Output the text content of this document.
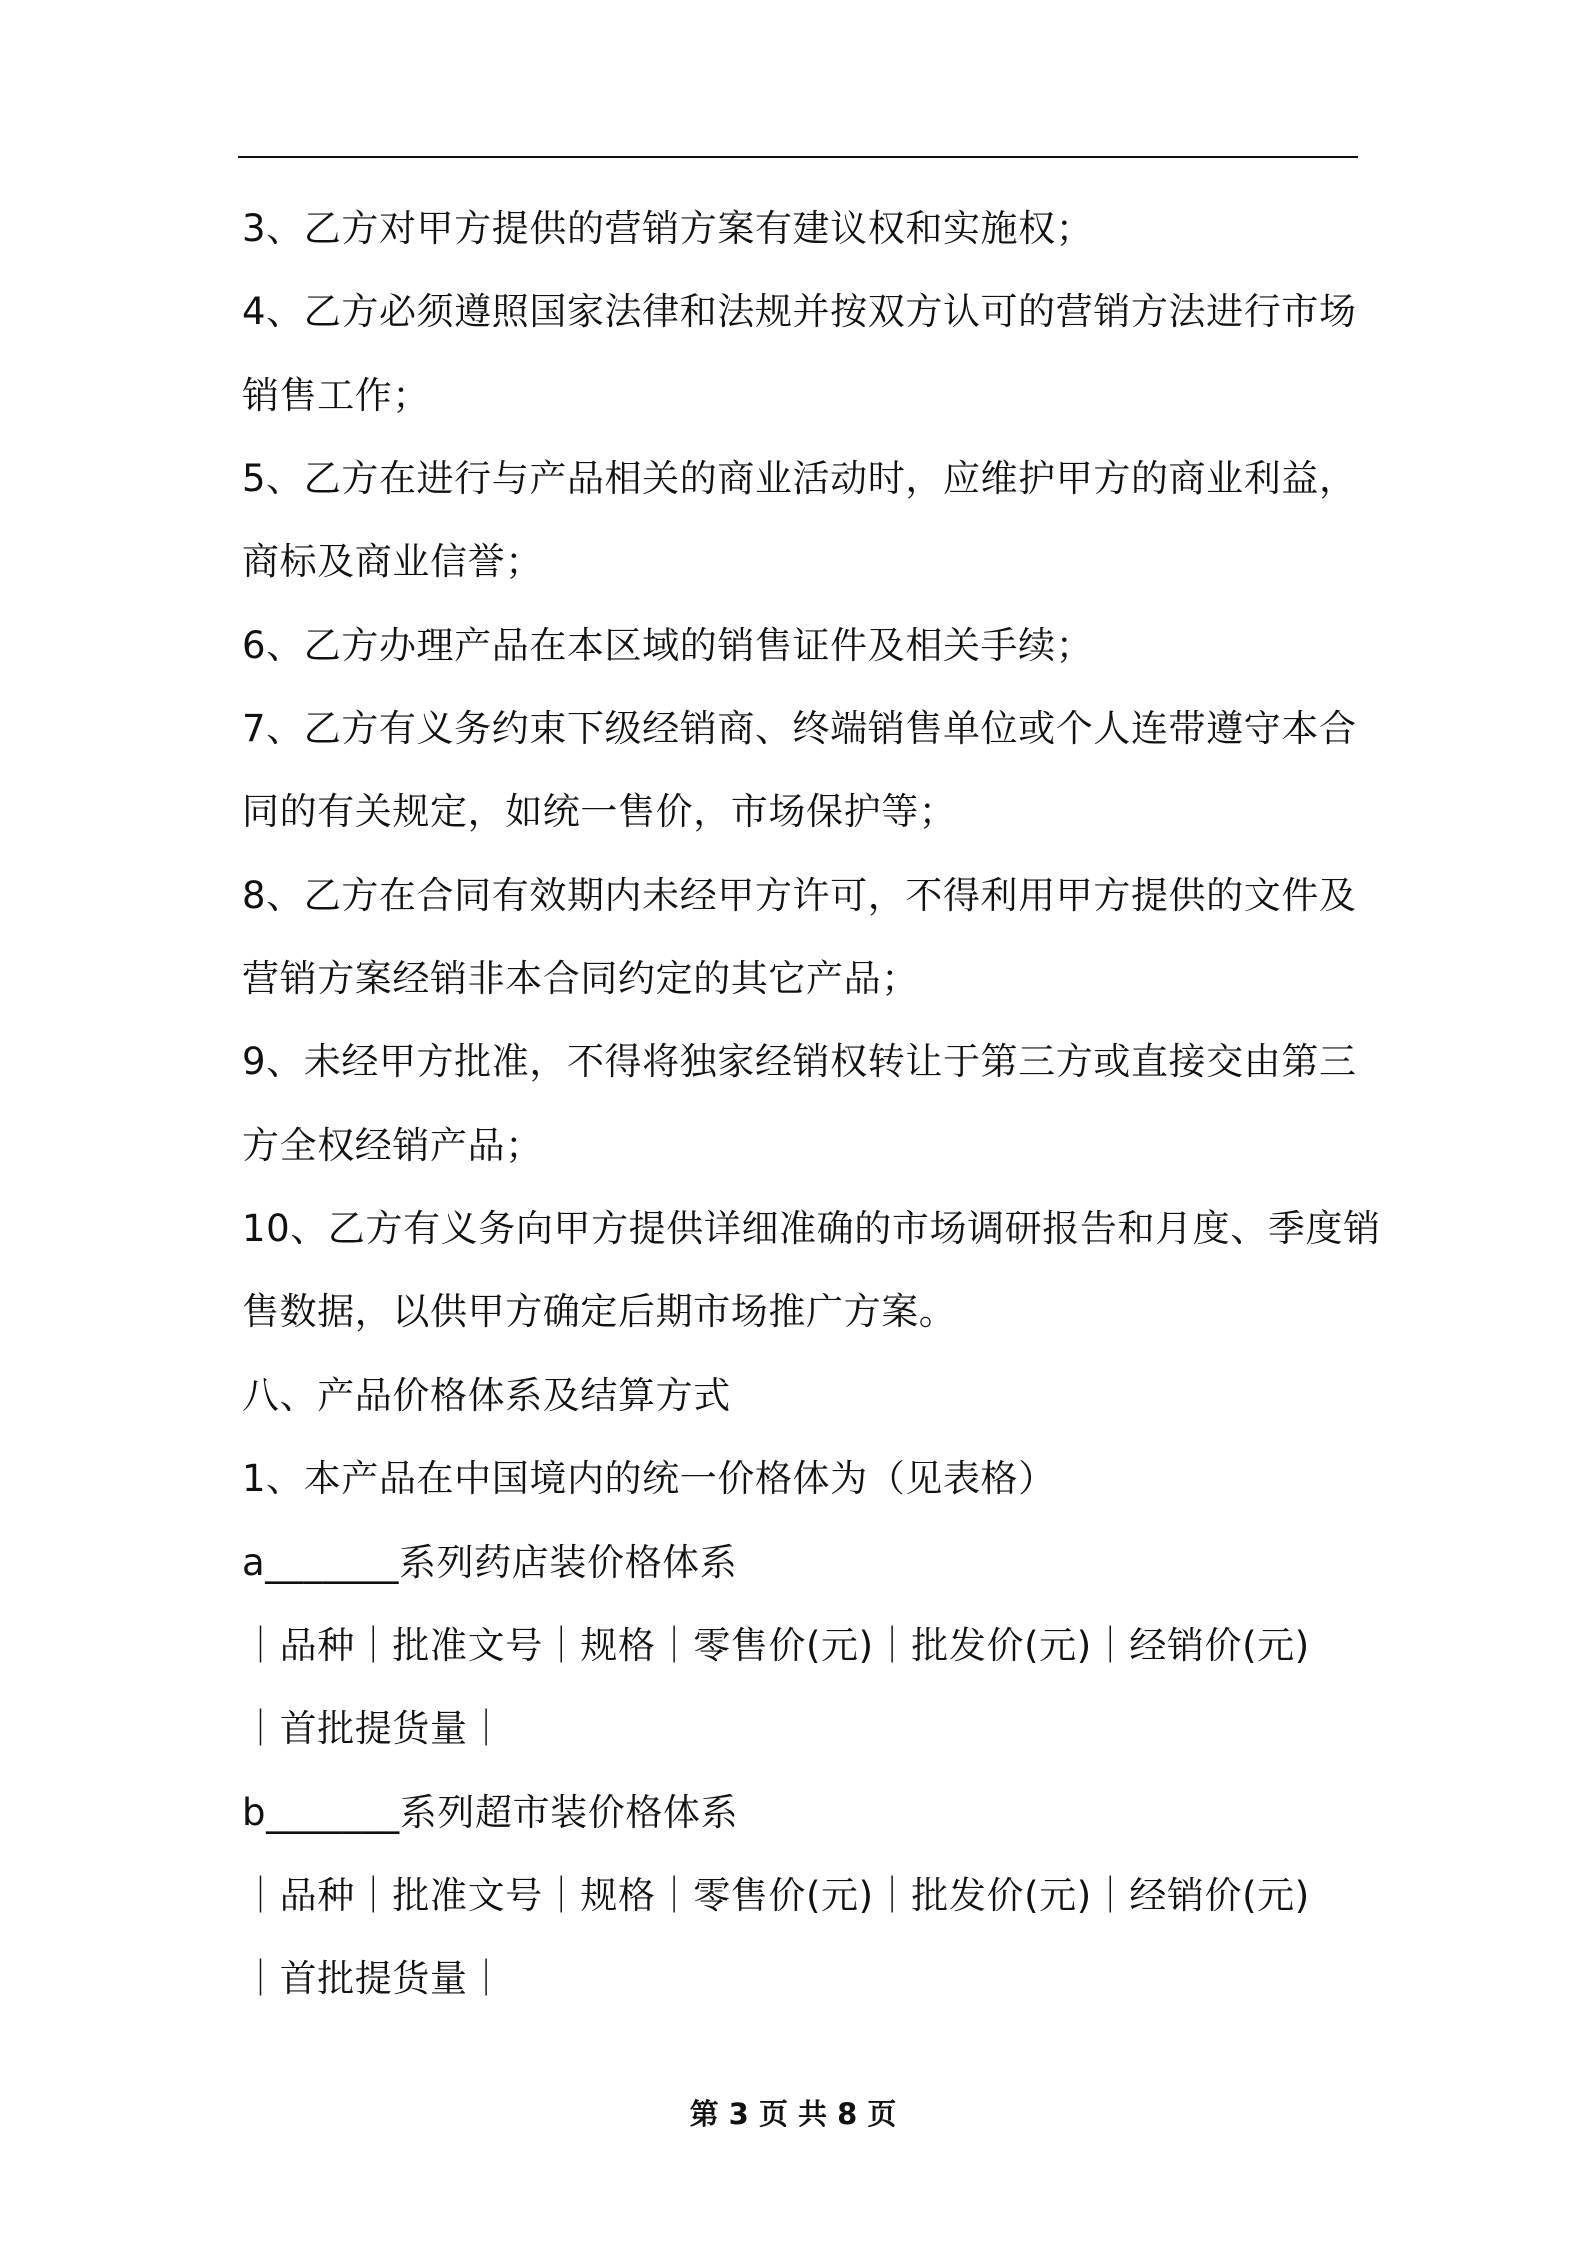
3、乙方对甲方提供的营销方案有建议权和实施权；
4、乙方必须遵照国家法律和法规并按双方认可的营销方法进行市场
销售工作；
5、乙方在进行与产品相关的商业活动时，应维护甲方的商业利益，
商标及商业信誉；
6、乙方办理产品在本区域的销售证件及相关手续；
7、乙方有义务约束下级经销商、终端销售单位或个人连带遵守本合
同的有关规定，如统一售价，市场保护等；
8、乙方在合同有效期内未经甲方许可，不得利用甲方提供的文件及
营销方案经销非本合同约定的其它产品；
9、未经甲方批准，不得将独家经销权转让于第三方或直接交由第三
方全权经销产品；
10、乙方有义务向甲方提供详细准确的市场调研报告和月度、季度销
售数据，以供甲方确定后期市场推广方案。
八、产品价格体系及结算方式
1、本产品在中国境内的统一价格体为（见表格）
a_______系列药店装价格体系
｜品种｜批准文号｜规格｜零售价(元)｜批发价(元)｜经销价(元)
｜首批提货量｜
b_______系列超市装价格体系
｜品种｜批准文号｜规格｜零售价(元)｜批发价(元)｜经销价(元)
｜首批提货量｜
第 3 页 共 8 页
